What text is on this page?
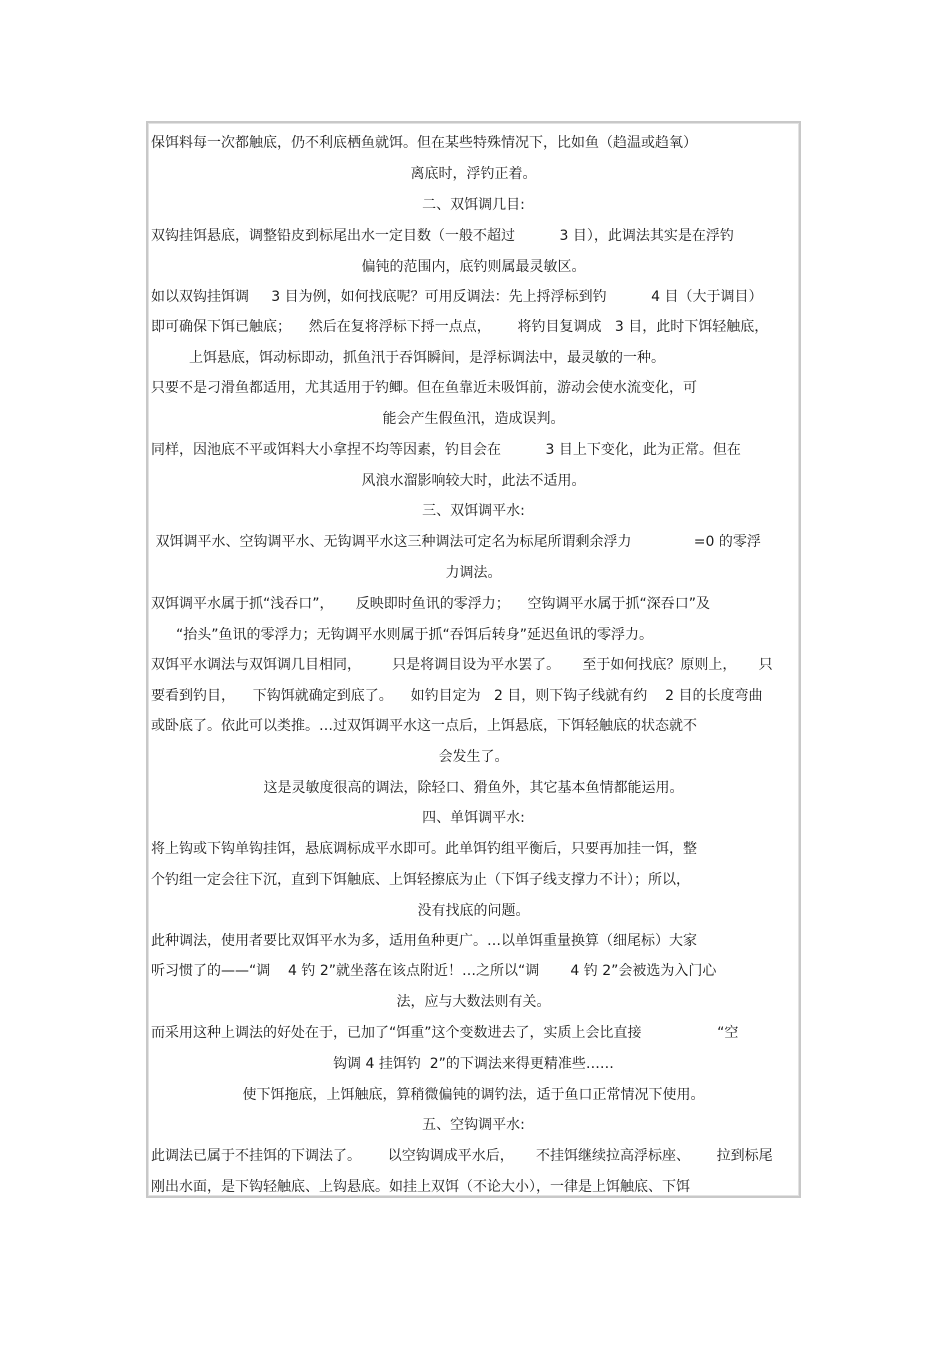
保饵料每一次都触底，仍不利底栖鱼就饵。但在某些特殊情况下，比如鱼（趋温或趋氧）
离底时，浮钓正着。
二、双饵调几目:
双钩挂饵悬底，调整铅皮到标尾出水一定目数（一般不超过          3 目），此调法其实是在浮钓
偏钝的范围内，底钓则属最灵敏区。
如以双钩挂饵调     3 目为例，如何找底呢？可用反调法：先上捋浮标到钓          4 目（大于调目）
即可确保下饵已触底；    然后在复将浮标下捋一点点，      将钓目复调成   3 目，此时下饵轻触底，
上饵悬底，饵动标即动，抓鱼汛于吞饵瞬间，是浮标调法中，最灵敏的一种。
只要不是刁滑鱼都适用，尤其适用于钓鲫。但在鱼靠近未吸饵前，游动会使水流变化，可
能会产生假鱼汛，造成误判。
同样，因池底不平或饵料大小拿捏不均等因素，钓目会在          3 目上下变化，此为正常。但在
风浪水溜影响较大时，此法不适用。
三、双饵调平水:
双饵调平水、空钩调平水、无钩调平水这三种调法可定名为标尾所谓剩余浮力              =0 的零浮
力调法。
双饵调平水属于抓“浅吞口”，     反映即时鱼讯的零浮力；    空钩调平水属于抓“深吞口”及
“抬头”鱼讯的零浮力；无钩调平水则属于抓“吞饵后转身”延迟鱼讯的零浮力。
双饵平水调法与双饵调几目相同，       只是将调目设为平水罢了。     至于如何找底？原则上，     只
要看到钓目，    下钩饵就确定到底了。    如钓目定为   2 目，则下钩子线就有约    2 目的长度弯曲
或卧底了。依此可以类推。…过双饵调平水这一点后，上饵悬底，下饵轻触底的状态就不
会发生了。
这是灵敏度很高的调法，除轻口、猾鱼外，其它基本鱼情都能运用。
四、单饵调平水:
将上钩或下钩单钩挂饵，悬底调标成平水即可。此单饵钓组平衡后，只要再加挂一饵，整
个钓组一定会往下沉，直到下饵触底、上饵轻擦底为止（下饵子线支撑力不计）；所以，
没有找底的问题。
此种调法，使用者要比双饵平水为多，适用鱼种更广。…以单饵重量换算（细尾标）大家
听习惯了的——“调    4 钓 2”就坐落在该点附近！…之所以“调       4 钓 2”会被选为入门心
法，应与大数法则有关。
而采用这种上调法的好处在于，已加了“饵重”这个变数进去了，实质上会比直接                 “空
钩调 4 挂饵钓  2”的下调法来得更精准些……
使下饵拖底，上饵触底，算稍微偏钝的调钓法，适于鱼口正常情况下使用。
五、空钩调平水:
此调法已属于不挂饵的下调法了。      以空钩调成平水后，     不挂饵继续拉高浮标座、      拉到标尾
刚出水面，是下钩轻触底、上钩悬底。如挂上双饵（不论大小），一律是上饵触底、下饵
